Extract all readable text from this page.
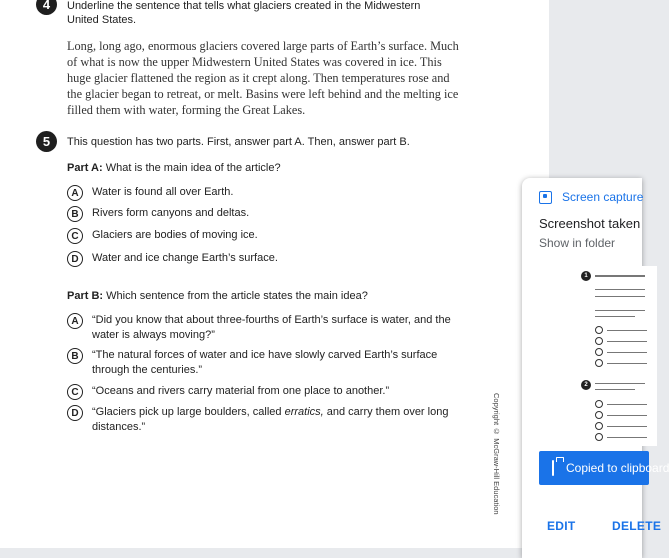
4	Underline the sentence that tells what glaciers created in the Midwestern
United States.
Long, long ago, enormous glaciers covered large parts of Earth’s surface. Much of what is now the upper Midwestern United States was covered in ice. This huge glacier flattened the region as it crept along. Then temperatures rose and the glacier began to retreat, or melt. Basins were left behind and the melting ice filled them with water, forming the Great Lakes.
5	This question has two parts. First, answer part A. Then, answer part B.
Part A: What is the main idea of the article?
A	Water is found all over Earth.
B	Rivers form canyons and deltas.
C	Glaciers are bodies of moving ice.
D	Water and ice change Earth’s surface.
Part B: Which sentence from the article states the main idea?
A	“Did you know that about three-fourths of Earth’s surface is water, and the water is always moving?”
B	“The natural forces of water and ice have slowly carved Earth’s surface through the centuries.”
C	“Oceans and rivers carry material from one place to another.”
D	“Glaciers pick up large boulders, called erratics, and carry them over long distances.”	Copyright © McGraw-Hill Education
Screen capture
Screenshot taken
Show in folder
1
2
Copied to clipboard
EDIT	DELETE
